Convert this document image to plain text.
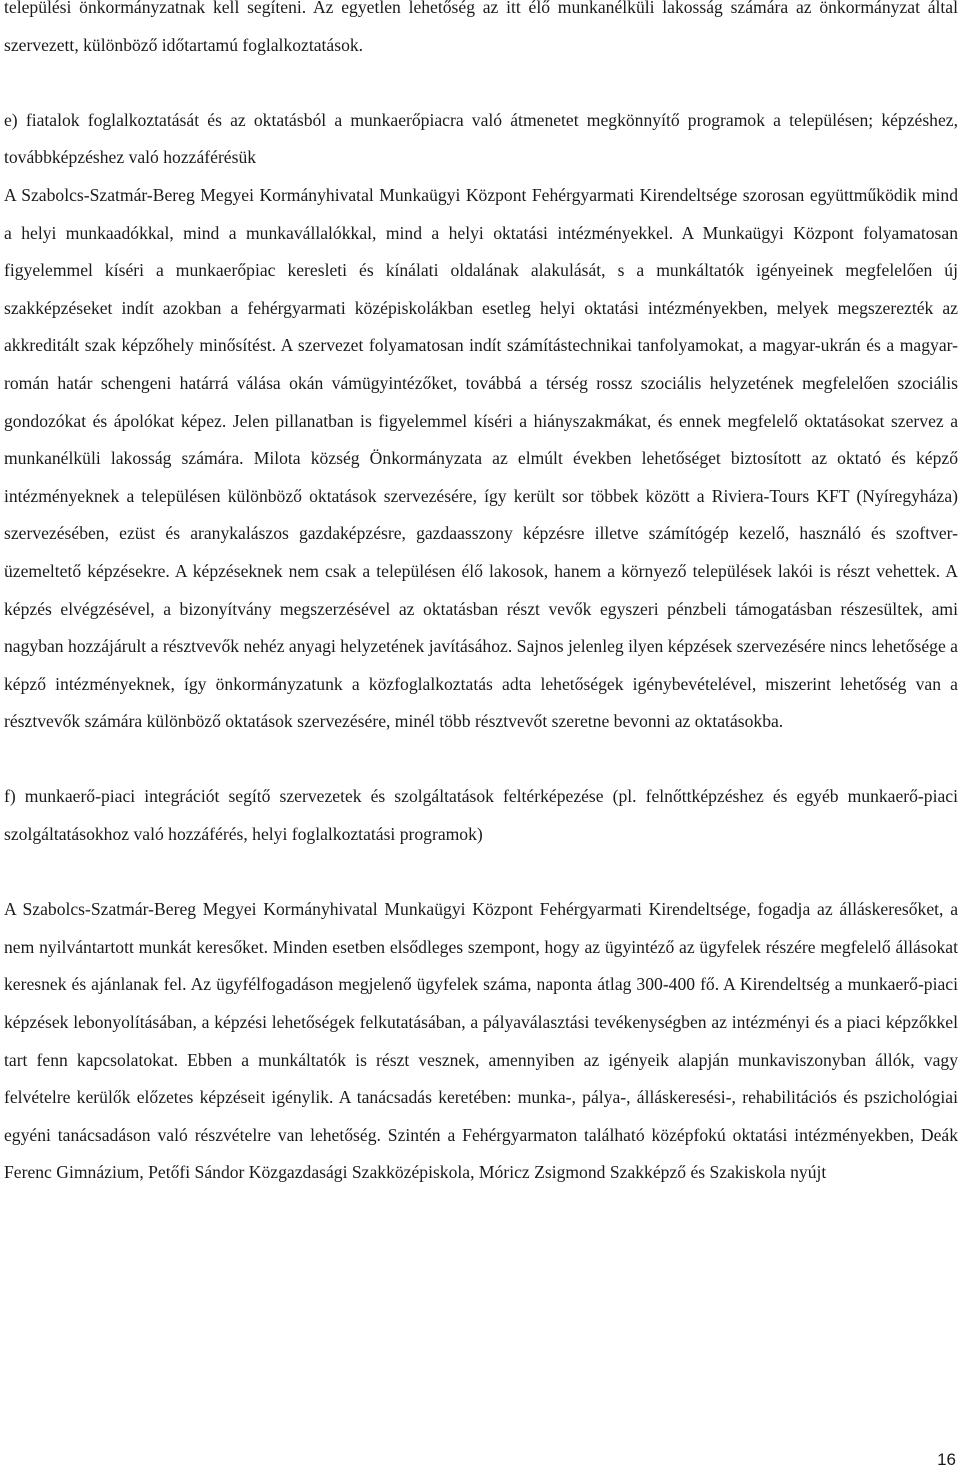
települési önkormányzatnak kell segíteni. Az egyetlen lehetőség az itt élő munkanélküli lakosság számára az önkormányzat által szervezett, különböző időtartamú foglalkoztatások.

e) fiatalok foglalkoztatását és az oktatásból a munkaerőpiacra való átmenetet megkönnyítő programok a településen; képzéshez, továbbképzéshez való hozzáférésük

A Szabolcs-Szatmár-Bereg Megyei Kormányhivatal Munkaügyi Központ Fehérgyarmati Kirendeltsége szorosan együttműködik mind a helyi munkaadókkal, mind a munkavállalókkal, mind a helyi oktatási intézményekkel. A Munkaügyi Központ folyamatosan figyelemmel kíséri a munkaerőpiac keresleti és kínálati oldalának alakulását, s a munkáltatók igényeinek megfelelően új szakképzéseket indít azokban a fehérgyarmati középiskolákban esetleg helyi oktatási intézményekben, melyek megszerezték az akkreditált szak képzőhely minősítést. A szervezet folyamatosan indít számítástechnikai tanfolyamokat, a magyar-ukrán és a magyar-román határ schengeni határrá válása okán vámügyintézőket, továbbá a térség rossz szociális helyzetének megfelelően szociális gondozókat és ápolókat képez. Jelen pillanatban is figyelemmel kíséri a hiányszakmákat, és ennek megfelelő oktatásokat szervez a munkanélküli lakosság számára. Milota község Önkormányzata az elmúlt években lehetőséget biztosított az oktató és képző intézményeknek a településen különböző oktatások szervezésére, így került sor többek között a Riviera-Tours KFT (Nyíregyháza) szervezésében, ezüst és aranykalászos gazdaképzésre, gazdaasszony képzésre illetve számítógép kezelő, használó és szoftver-üzemeltető képzésekre. A képzéseknek nem csak a településen élő lakosok, hanem a környező települések lakói is részt vehettek. A képzés elvégzésével, a bizonyítvány megszerzésével az oktatásban részt vevők egyszeri pénzbeli támogatásban részesültek, ami nagyban hozzájárult a résztvevők nehéz anyagi helyzetének javításához. Sajnos jelenleg ilyen képzések szervezésére nincs lehetősége a képző intézményeknek, így önkormányzatunk a közfoglalkoztatás adta lehetőségek igénybevételével, miszerint lehetőség van a résztvevők számára különböző oktatások szervezésére, minél több résztvevőt szeretne bevonni az oktatásokba.

f) munkaerő-piaci integrációt segítő szervezetek és szolgáltatások feltérképezése (pl. felnőttképzéshez és egyéb munkaerő-piaci szolgáltatásokhoz való hozzáférés, helyi foglalkoztatási programok)

A Szabolcs-Szatmár-Bereg Megyei Kormányhivatal Munkaügyi Központ Fehérgyarmati Kirendeltsége, fogadja az álláskeresőket, a nem nyilvántartott munkát keresőket. Minden esetben elsődleges szempont, hogy az ügyintéző az ügyfelek részére megfelelő állásokat keresnek és ajánlanak fel. Az ügyfélfogadáson megjelenő ügyfelek száma, naponta átlag 300-400 fő. A Kirendeltség a munkaerő-piaci képzések lebonyolításában, a képzési lehetőségek felkutatásában, a pályaválasztási tevékenységben az intézményi és a piaci képzőkkel tart fenn kapcsolatokat. Ebben a munkáltatók is részt vesznek, amennyiben az igényeik alapján munkaviszonyban állók, vagy felvételre kerülők előzetes képzéseit igénylik. A tanácsadás keretében: munka-, pálya-, álláskeresési-, rehabilitációs és pszichológiai egyéni tanácsadáson való részvételre van lehetőség. Szintén a Fehérgyarmaton található középfokú oktatási intézményekben, Deák Ferenc Gimnázium, Petőfi Sándor Közgazdasági Szakközépiskola, Móricz Zsigmond Szakképző és Szakiskola nyújt

16
